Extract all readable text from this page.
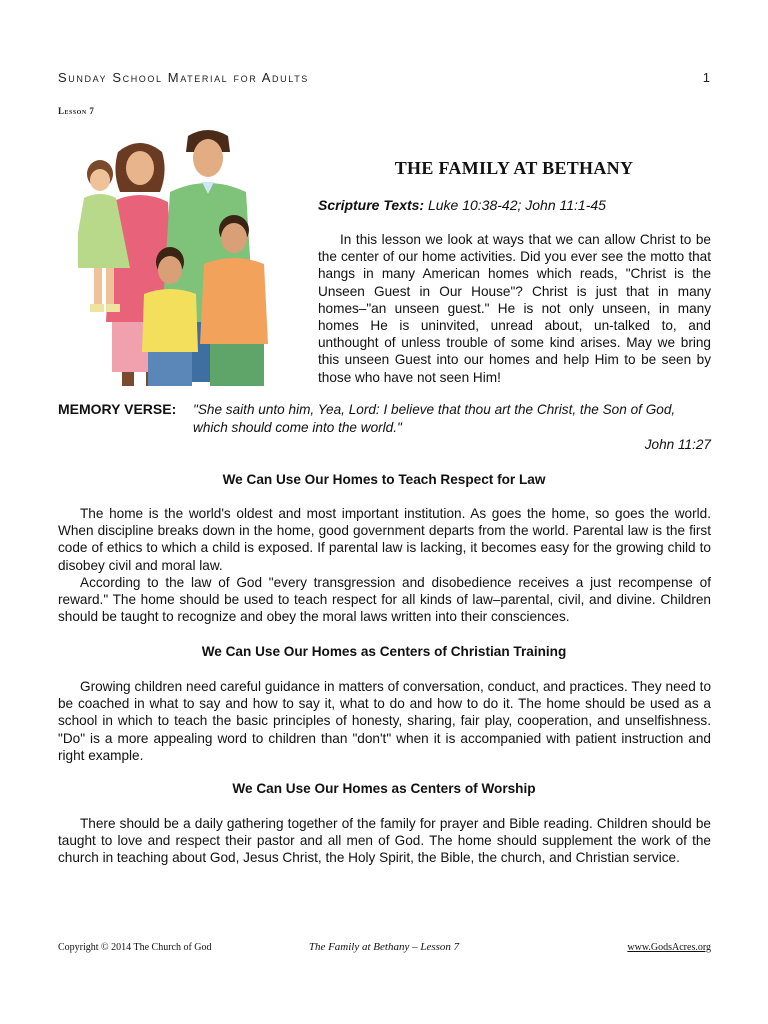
Sunday School Material for Adults	1
Lesson 7
THE FAMILY AT BETHANY
Scripture Texts: Luke 10:38-42; John 11:1-45

In this lesson we look at ways that we can allow Christ to be the center of our home activities. Did you ever see the motto that hangs in many American homes which reads, "Christ is the Unseen Guest in Our House"? Christ is just that in many homes–"an unseen guest." He is not only unseen, in many homes He is uninvited, unread about, un-talked to, and unthought of unless trouble of some kind arises. May we bring this unseen Guest into our homes and help Him to be seen by those who have not seen Him!

MEMORY VERSE: "She saith unto him, Yea, Lord: I believe that thou art the Christ, the Son of God, which should come into the world."
John 11:27
We Can Use Our Homes to Teach Respect for Law

The home is the world's oldest and most important institution. As goes the home, so goes the world. When discipline breaks down in the home, good government departs from the world. Parental law is the first code of ethics to which a child is exposed. If parental law is lacking, it becomes easy for the growing child to disobey civil and moral law.

According to the law of God "every transgression and disobedience receives a just recompense of reward." The home should be used to teach respect for all kinds of law–parental, civil, and divine. Children should be taught to recognize and obey the moral laws written into their consciences.

We Can Use Our Homes as Centers of Christian Training

Growing children need careful guidance in matters of conversation, conduct, and practices. They need to be coached in what to say and how to say it, what to do and how to do it. The home should be used as a school in which to teach the basic principles of honesty, sharing, fair play, cooperation, and unselfishness. "Do" is a more appealing word to children than "don't" when it is accompanied with patient instruction and right example.

We Can Use Our Homes as Centers of Worship

There should be a daily gathering together of the family for prayer and Bible reading. Children should be taught to love and respect their pastor and all men of God. The home should supplement the work of the church in teaching about God, Jesus Christ, the Holy Spirit, the Bible, the church, and Christian service.

Copyright © 2014 The Church of God	The Family at Bethany – Lesson 7	www.GodsAcres.org
